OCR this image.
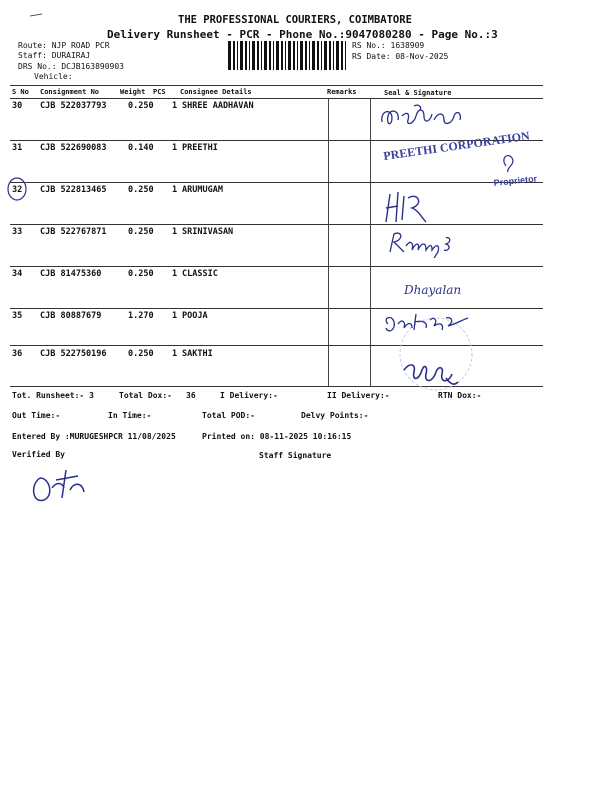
THE PROFESSIONAL COURIERS, COIMBATORE
Delivery Runsheet - PCR - Phone No.:9047080280 - Page No.:3
Route: NJP ROAD PCR
Staff: DURAIRAJ
DRS No.: DCJB163890903
Vehicle:
RS No.: 1638909
RS Date: 08-Nov-2025
S No Consignment No	Weight PCS Consignee Details	Remarks	Seal & Signature
30 CJB 522037793	0.250 1 SHREE AADHAVAN
31 CJB 522690083	0.140 1 PREETHI
32 CJB 522813465	0.250 1 ARUMUGAM
33 CJB 522767871	0.250 1 SRINIVASAN
34 CJB 81475360	0.250 1 CLASSIC
35 CJB 80887679	1.270 1 POOJA
36 CJB 522750196	0.250 1 SAKTHI
PREETHI CORPORATION
Proprietor
Dhayalan
Tot. Runsheet:- 3	Total Dox:- 36	I Delivery:-	II Delivery:-	RTN Dox:-
Out Time:-	In Time:-	Total POD:-	Delvy Points:-
Entered By :MURUGESHPCR 11/08/2025	Printed on: 08-11-2025 10:16:15
Verified By	Staff Signature
